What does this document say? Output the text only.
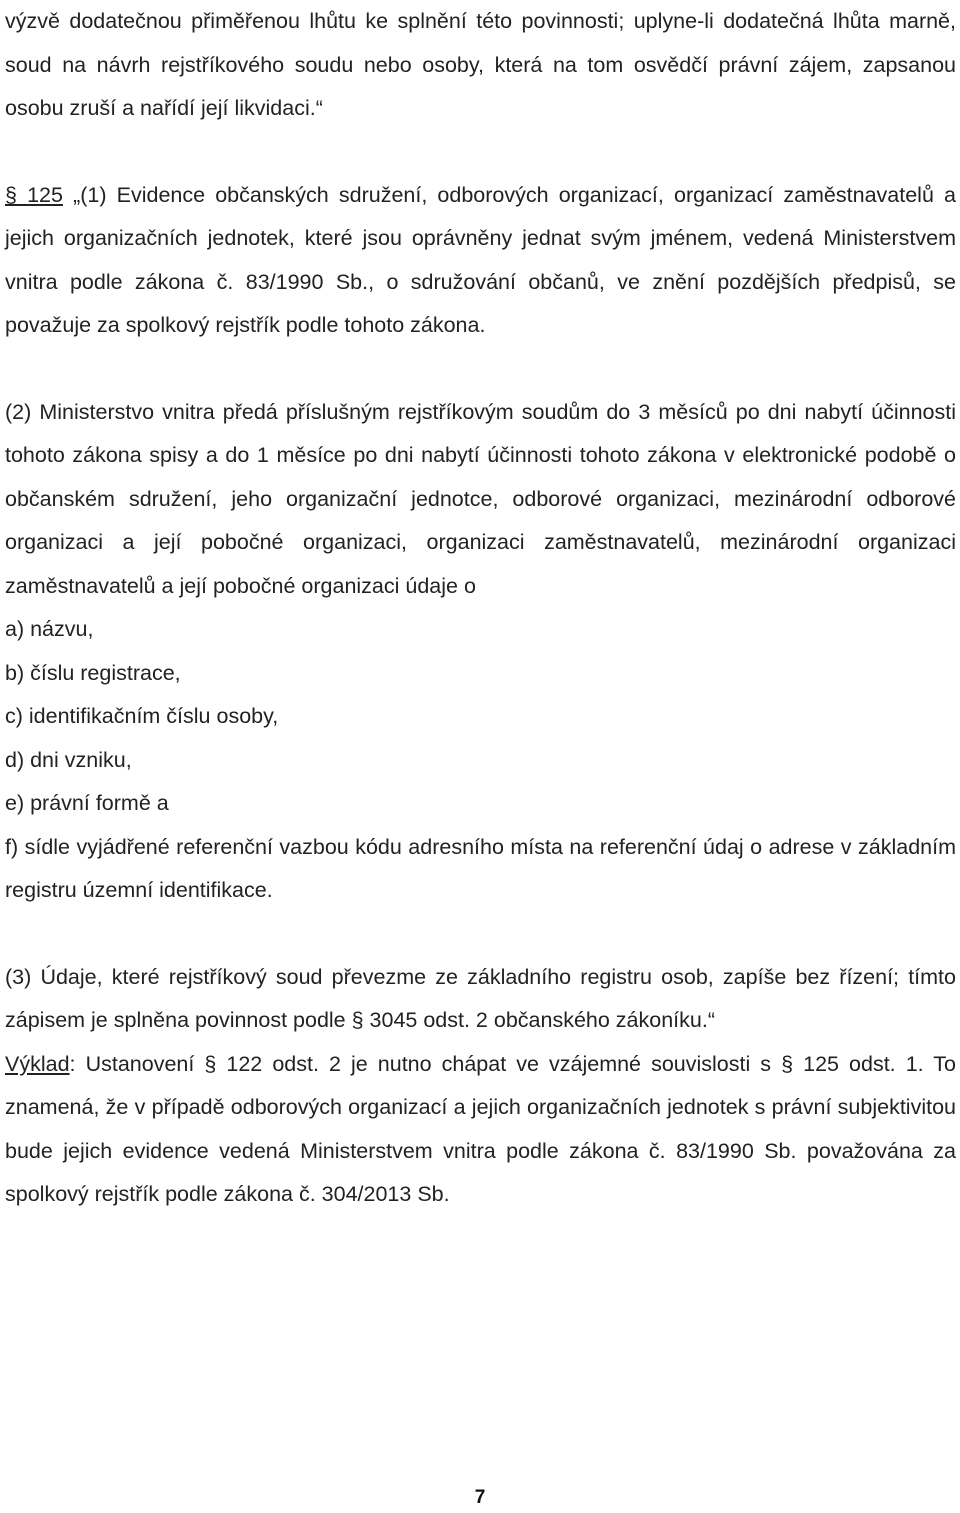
výzvě dodatečnou přiměřenou lhůtu ke splnění této povinnosti; uplyne-li dodatečná lhůta marně, soud na návrh rejstříkového soudu nebo osoby, která na tom osvědčí právní zájem, zapsanou osobu zruší a nařídí její likvidaci.“

§ 125 „(1) Evidence občanských sdružení, odborových organizací, organizací zaměstnavatelů a jejich organizačních jednotek, které jsou oprávněny jednat svým jménem, vedená Ministerstvem vnitra podle zákona č. 83/1990 Sb., o sdružování občanů, ve znění pozdějších předpisů, se považuje za spolkový rejstřík podle tohoto zákona.

(2) Ministerstvo vnitra předá příslušným rejstříkovým soudům do 3 měsíců po dni nabytí účinnosti tohoto zákona spisy a do 1 měsíce po dni nabytí účinnosti tohoto zákona v elektronické podobě o občanském sdružení, jeho organizační jednotce, odborové organizaci, mezinárodní odborové organizaci a její pobočné organizaci, organizaci zaměstnavatelů, mezinárodní organizaci zaměstnavatelů a její pobočné organizaci údaje o

a) názvu,

b) číslu registrace,

c) identifikačním číslu osoby,

d) dni vzniku,

e) právní formě a

f) sídle vyjádřené referenční vazbou kódu adresního místa na referenční údaj o adrese v základním registru územní identifikace.

(3) Údaje, které rejstříkový soud převezme ze základního registru osob, zapíše bez řízení; tímto zápisem je splněna povinnost podle § 3045 odst. 2 občanského zákoníku.“

Výklad: Ustanovení § 122 odst. 2 je nutno chápat ve vzájemné souvislosti s § 125 odst. 1. To znamená, že v případě odborových organizací a jejich organizačních jednotek s právní subjektivitou bude jejich evidence vedená Ministerstvem vnitra podle zákona č. 83/1990 Sb. považována za spolkový rejstřík podle zákona č. 304/2013 Sb.

7
